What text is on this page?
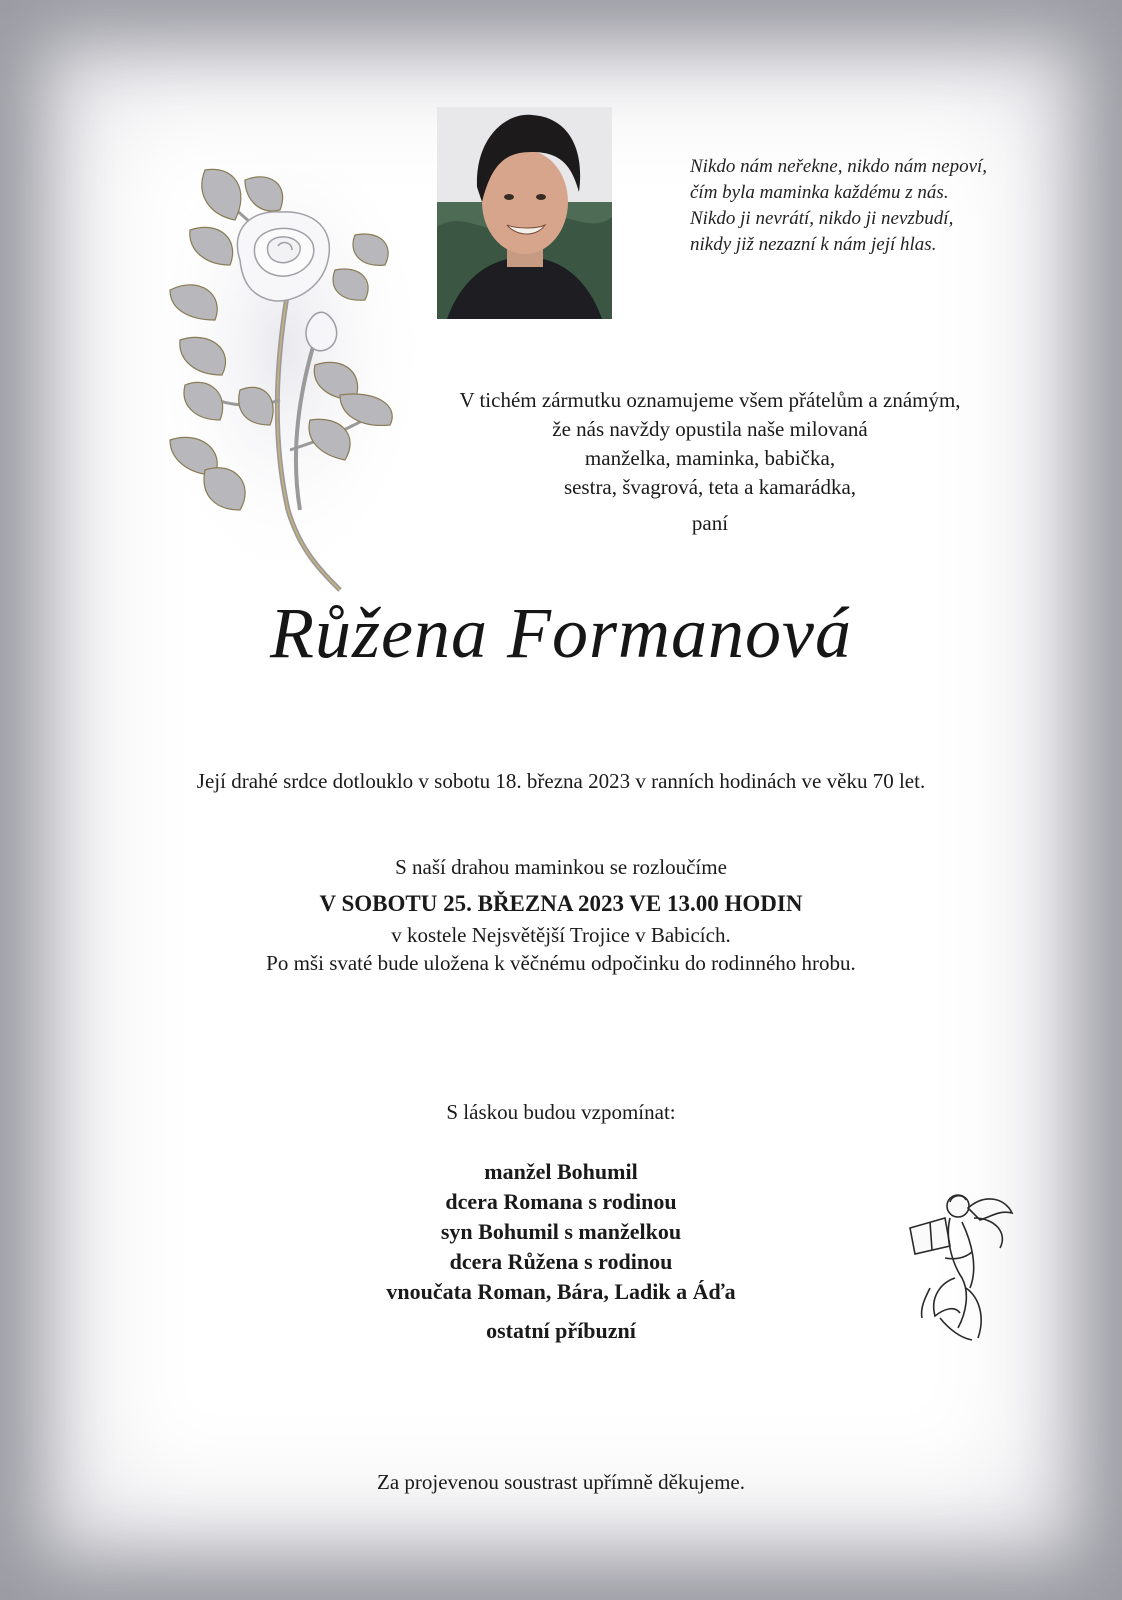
Nikdo nám neřekne, nikdo nám nepoví,
čím byla maminka každému z nás.
Nikdo ji nevrátí, nikdo ji nevzbudí,
nikdy již nezazní k nám její hlas.
V tichém zármutku oznamujeme všem přátelům a známým,
že nás navždy opustila naše milovaná
manželka, maminka, babička,
sestra, švagrová, teta a kamarádka,
paní
Růžena Formanová
Její drahé srdce dotlouklo v sobotu 18. března 2023 v ranních hodinách ve věku 70 let.
S naší drahou maminkou se rozloučíme
V SOBOTU 25. BŘEZNA 2023 VE 13.00 HODIN
v kostele Nejsvětější Trojice v Babicích.
Po mši svaté bude uložena k věčnému odpočinku do rodinného hrobu.
S láskou budou vzpomínat:
manžel Bohumil
dcera Romana s rodinou
syn Bohumil s manželkou
dcera Růžena s rodinou
vnoučata Roman, Bára, Ladik a Áďa
ostatní příbuzní
Za projevenou soustrast upřímně děkujeme.
